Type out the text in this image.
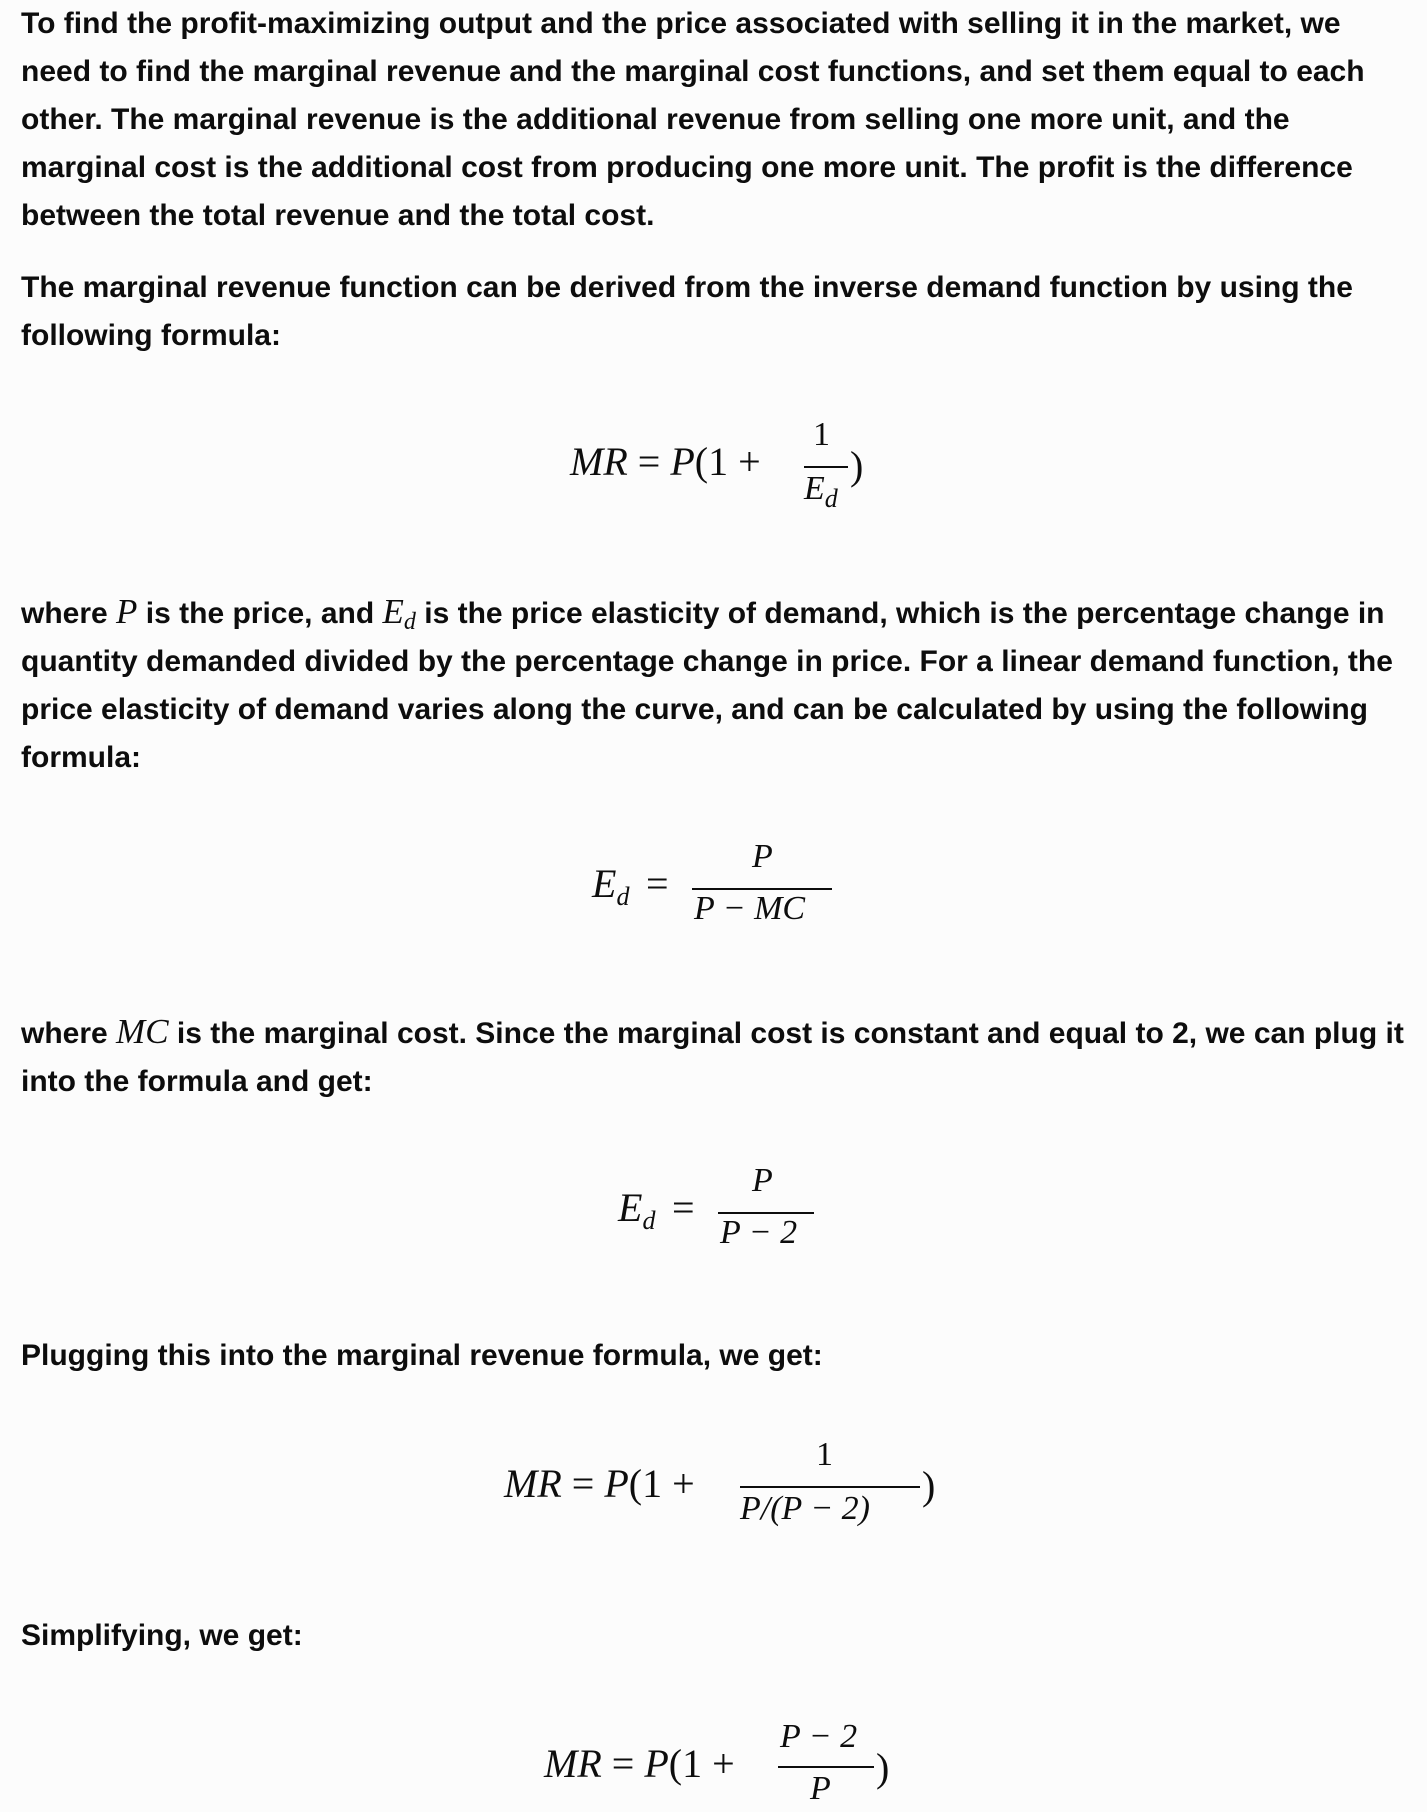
To find the profit-maximizing output and the price associated with selling it in the market, we need to find the marginal revenue and the marginal cost functions, and set them equal to each other. The marginal revenue is the additional revenue from selling one more unit, and the marginal cost is the additional cost from producing one more unit. The profit is the difference between the total revenue and the total cost.

The marginal revenue function can be derived from the inverse demand function by using the following formula:

MR = P(1 +
1
$E_d$
)

where P is the price, and $E_d$ is the price elasticity of demand, which is the percentage change in quantity demanded divided by the percentage change in price. For a linear demand function, the price elasticity of demand varies along the curve, and can be calculated by using the following formula:

$E_d$ =
P
P − MC

where MC is the marginal cost. Since the marginal cost is constant and equal to 2, we can plug it into the formula and get:

$E_d$ =
P
P − 2

Plugging this into the marginal revenue formula, we get:

MR = P(1 +
1
P/(P − 2)
)

Simplifying, we get:

MR = P(1 +
P − 2
P )
